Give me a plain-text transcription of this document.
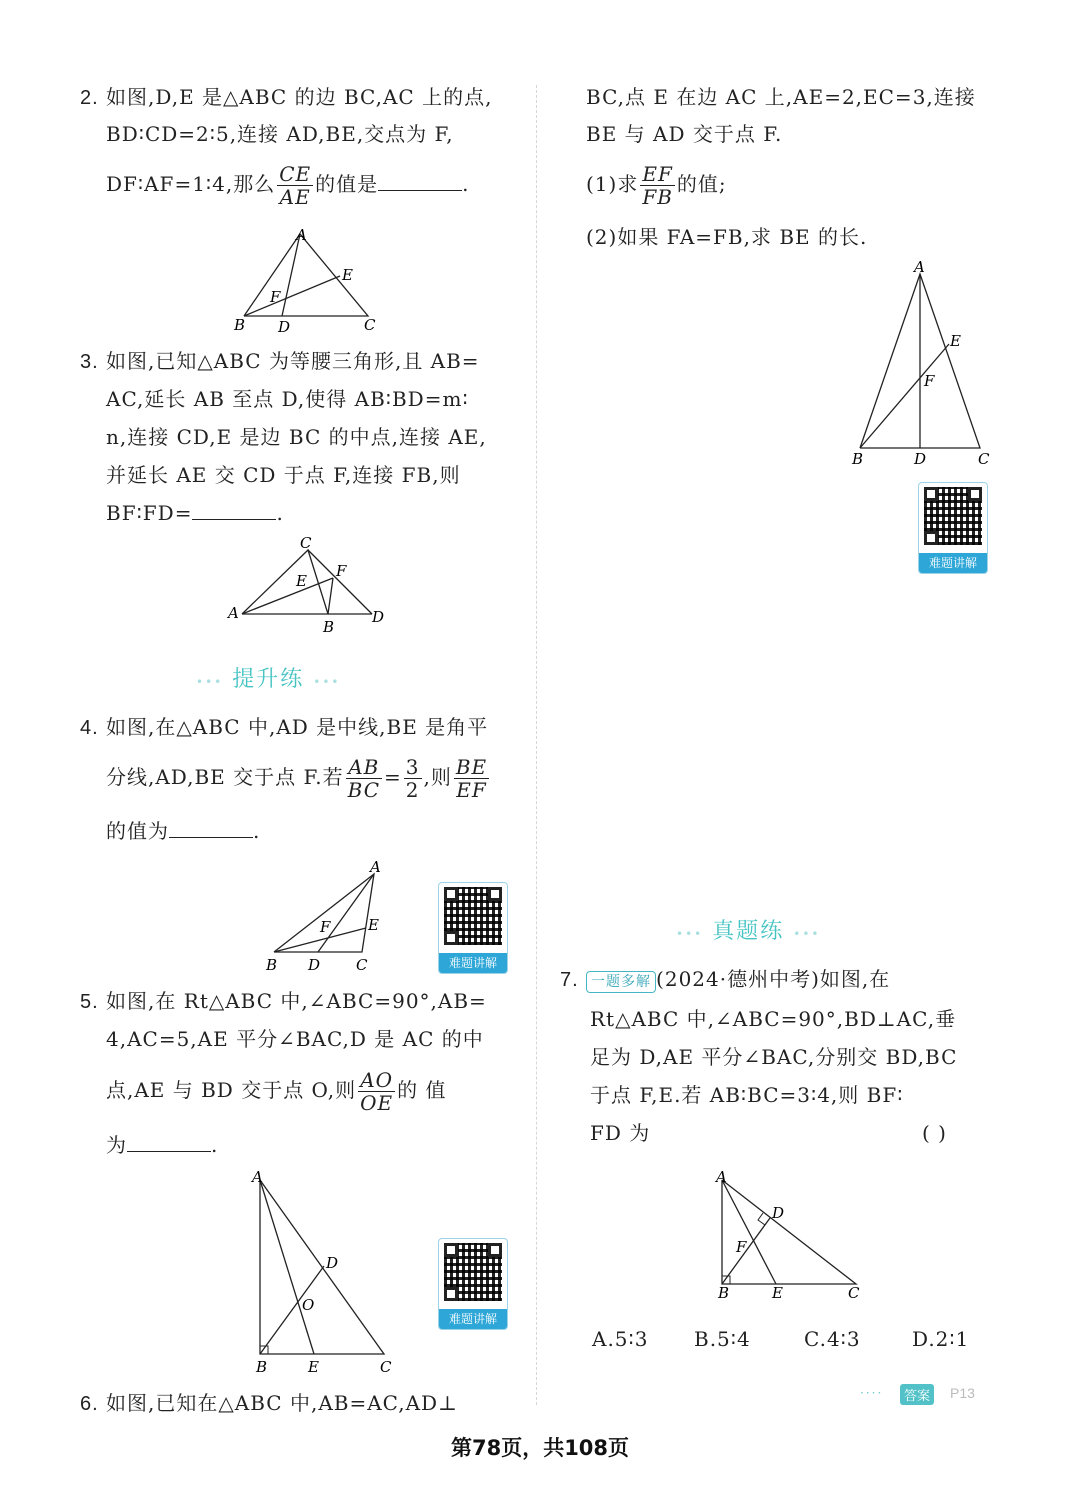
2. 如图,D,E 是△ABC 的边 BC,AC 上的点,
BD∶CD=2∶5,连接 AD,BE,交点为 F,
DF∶AF=1∶4,那么 $\frac{CE}{AE}$ 的值是	.
A
E
F
B D	C
3. 如图,已知△ABC 为等腰三角形,且 AB=
AC,延长 AB 至点 D,使得 AB∶BD=m∶
n,连接 CD,E 是边 BC 的中点,连接 AE,
并延长 AE 交 CD 于点 F,连接 FB,则
BF∶FD=	.
C
E
F
A
B
D
••• 提升练 •••
4. 如图,在△ABC 中,AD 是中线,BE 是角平
分线,AD,BE 交于点 F.若 $\frac{AB}{BC} = \frac{3}{2}$ ,则 $\frac{BE}{EF}$
的值为	.
A
E
F
B D C	难题讲解
5. 如图,在 Rt△ABC 中,∠ABC=90°,AB=
4,AC=5,AE 平分∠BAC,D 是 AC 的中
点,AE 与 BD 交于点 O,则 $\frac{AO}{OE}$ 的 值
为	.
A
D
O
B	E	C
难题讲解
6. 如图,已知在△ABC 中,AB=AC,AD⊥
BC,点 E 在边 AC 上,AE=2,EC=3,连接
BE 与 AD 交于点 F.
(1)求 $\frac{EF}{FB}$ 的值;
(2)如果 FA=FB,求 BE 的长.
A
E
F
B	D	C
难题讲解
••• 真题练 •••
7. 一题多解 (2024·德州中考)如图,在
Rt△ABC 中,∠ABC=90°,BD⊥AC,垂
足为 D,AE 平分∠BAC,分别交 BD,BC
于点 F,E.若 AB∶BC=3∶4,则 BF∶
FD 为	( )
A
D
F
B	E	C
A.5∶3 B.5∶4	C.4∶3	D.2∶1
····	答案 P13
第78页，共108页
